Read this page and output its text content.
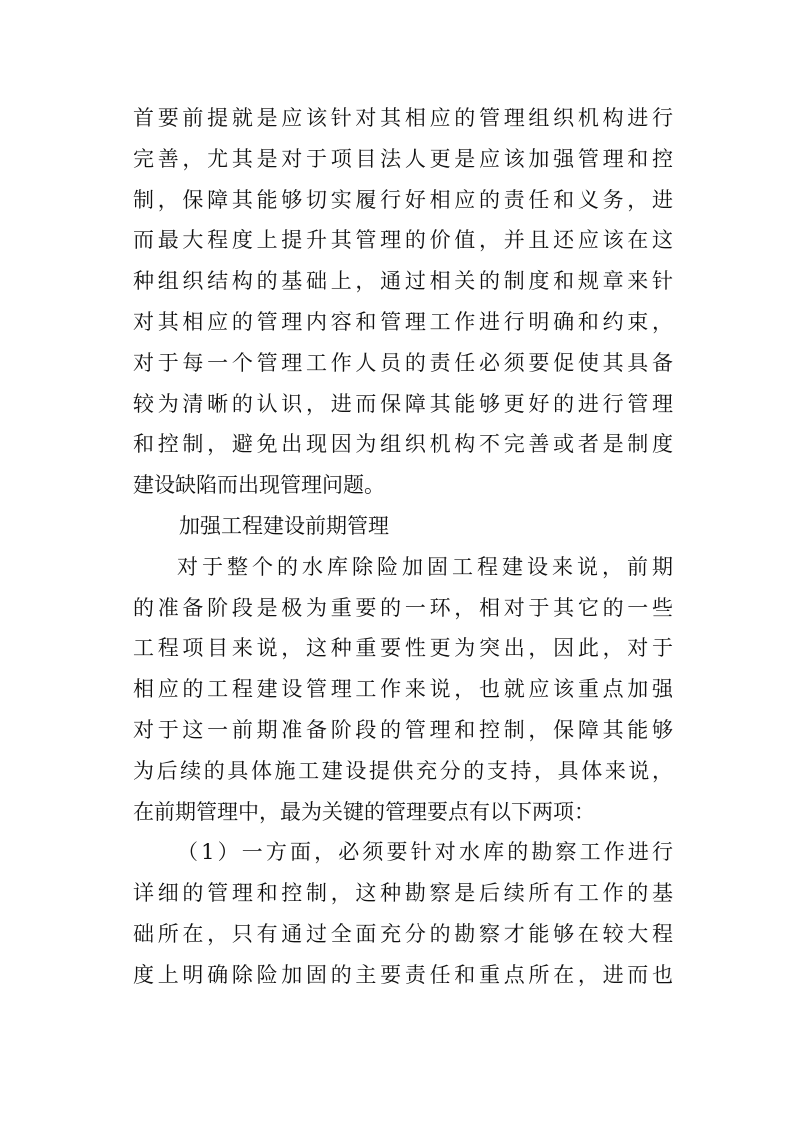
首要前提就是应该针对其相应的管理组织机构进行
完善，尤其是对于项目法人更是应该加强管理和控
制，保障其能够切实履行好相应的责任和义务，进
而最大程度上提升其管理的价值，并且还应该在这
种组织结构的基础上，通过相关的制度和规章来针
对其相应的管理内容和管理工作进行明确和约束，
对于每一个管理工作人员的责任必须要促使其具备
较为清晰的认识，进而保障其能够更好的进行管理
和控制，避免出现因为组织机构不完善或者是制度
建设缺陷而出现管理问题。
加强工程建设前期管理
对于整个的水库除险加固工程建设来说，前期
的准备阶段是极为重要的一环，相对于其它的一些
工程项目来说，这种重要性更为突出，因此，对于
相应的工程建设管理工作来说，也就应该重点加强
对于这一前期准备阶段的管理和控制，保障其能够
为后续的具体施工建设提供充分的支持，具体来说，
在前期管理中，最为关键的管理要点有以下两项：
（1）一方面，必须要针对水库的勘察工作进行
详细的管理和控制，这种勘察是后续所有工作的基
础所在，只有通过全面充分的勘察才能够在较大程
度上明确除险加固的主要责任和重点所在，进而也
